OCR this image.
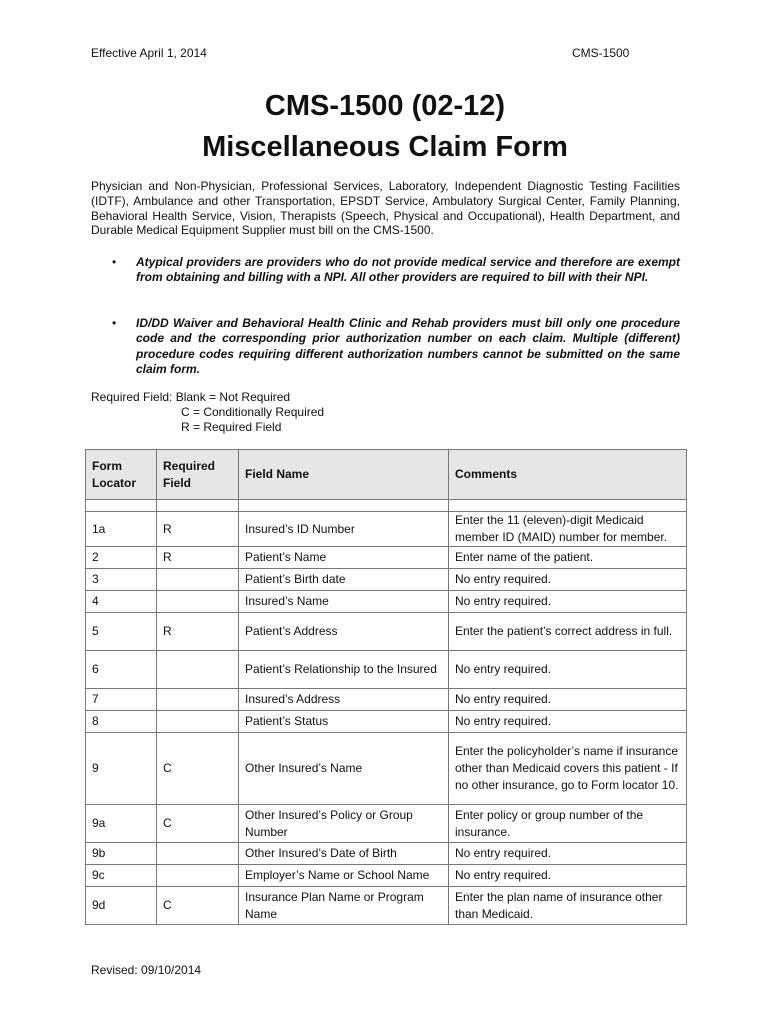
Effective April 1, 2014	CMS-1500
CMS-1500 (02-12)
Miscellaneous Claim Form
Physician and Non-Physician, Professional Services, Laboratory, Independent Diagnostic Testing Facilities (IDTF), Ambulance and other Transportation, EPSDT Service, Ambulatory Surgical Center, Family Planning, Behavioral Health Service, Vision, Therapists (Speech, Physical and Occupational), Health Department, and Durable Medical Equipment Supplier must bill on the CMS-1500.
• Atypical providers are providers who do not provide medical service and therefore are exempt from obtaining and billing with a NPI. All other providers are required to bill with their NPI.
• ID/DD Waiver and Behavioral Health Clinic and Rehab providers must bill only one procedure code and the corresponding prior authorization number on each claim. Multiple (different) procedure codes requiring different authorization numbers cannot be submitted on the same claim form.
Required Field: Blank = Not Required
C = Conditionally Required
R = Required Field
Form Locator	Required Field	Field Name	Comments

1a	R	Insured’s ID Number	Enter the 11 (eleven)-digit Medicaid member ID (MAID) number for member.
2	R	Patient’s Name	Enter name of the patient.
3		Patient’s Birth date	No entry required.
4		Insured’s Name	No entry required.
5	R	Patient’s Address	Enter the patient’s correct address in full.
6		Patient’s Relationship to the Insured	No entry required.
7		Insured’s Address	No entry required.
8		Patient’s Status	No entry required.
9	C	Other Insured’s Name	Enter the policyholder’s name if insurance other than Medicaid covers this patient - If no other insurance, go to Form locator 10.
9a	C	Other Insured’s Policy or Group Number	Enter policy or group number of the insurance.
9b		Other Insured’s Date of Birth	No entry required.
9c		Employer’s Name or School Name	No entry required.
9d	C	Insurance Plan Name or Program Name	Enter the plan name of insurance other than Medicaid.
Revised: 09/10/2014
